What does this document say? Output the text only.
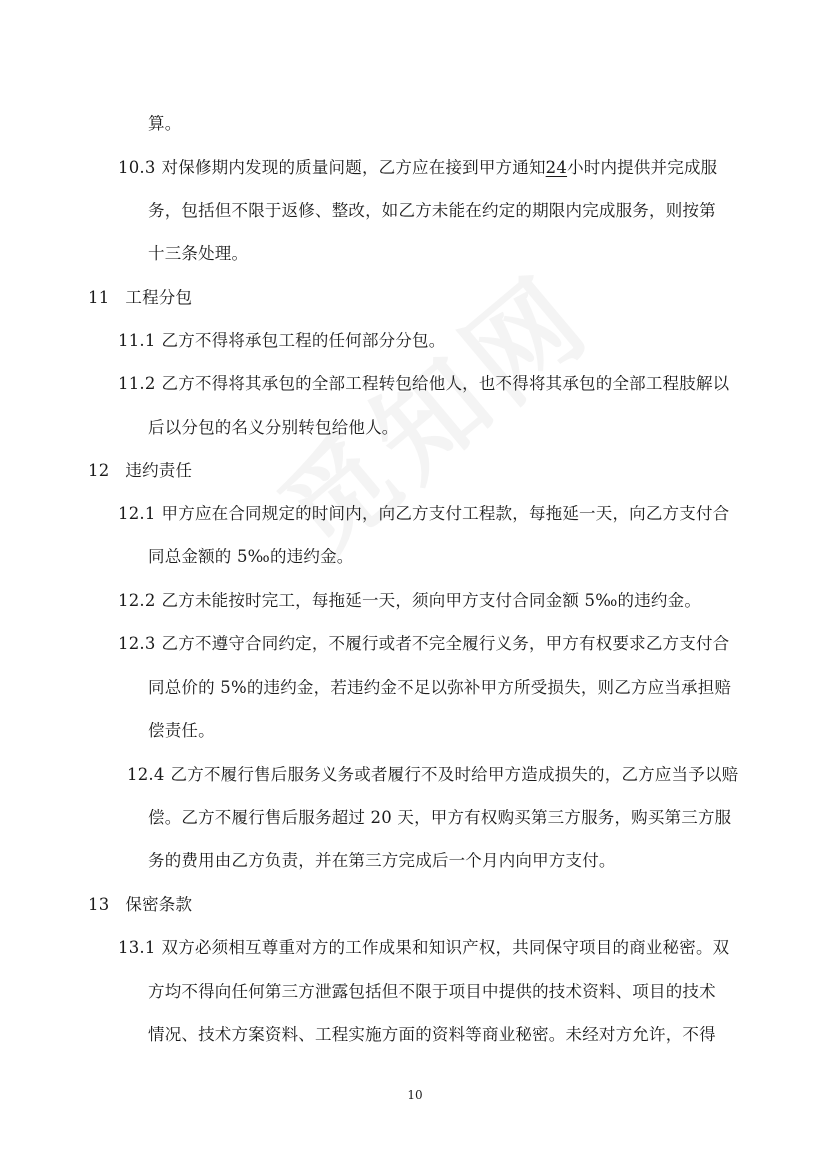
算。
10.3 对保修期内发现的质量问题，乙方应在接到甲方通知24小时内提供并完成服
务，包括但不限于返修、整改，如乙方未能在约定的期限内完成服务，则按第
十三条处理。
11 工程分包
11.1 乙方不得将承包工程的任何部分分包。
11.2 乙方不得将其承包的全部工程转包给他人，也不得将其承包的全部工程肢解以
后以分包的名义分别转包给他人。
12 违约责任
12.1 甲方应在合同规定的时间内，向乙方支付工程款，每拖延一天，向乙方支付合
同总金额的 5‰的违约金。
12.2 乙方未能按时完工，每拖延一天，须向甲方支付合同金额 5‰的违约金。
12.3 乙方不遵守合同约定，不履行或者不完全履行义务，甲方有权要求乙方支付合
同总价的 5%的违约金，若违约金不足以弥补甲方所受损失，则乙方应当承担赔
偿责任。
12.4 乙方不履行售后服务义务或者履行不及时给甲方造成损失的，乙方应当予以赔
偿。乙方不履行售后服务超过 20 天，甲方有权购买第三方服务，购买第三方服
务的费用由乙方负责，并在第三方完成后一个月内向甲方支付。
13 保密条款
13.1 双方必须相互尊重对方的工作成果和知识产权，共同保守项目的商业秘密。双
方均不得向任何第三方泄露包括但不限于项目中提供的技术资料、项目的技术
情况、技术方案资料、工程实施方面的资料等商业秘密。未经对方允许，不得
10
